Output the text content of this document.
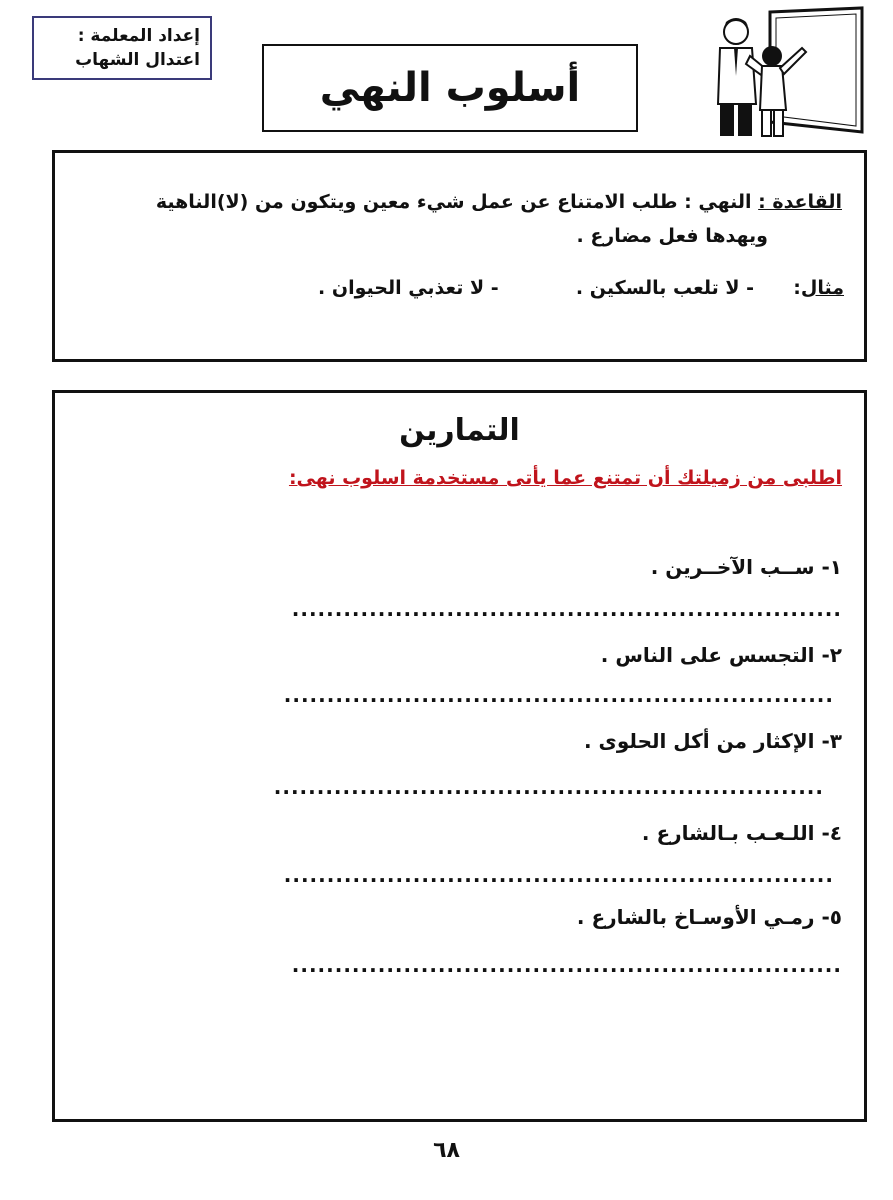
إعداد المعلمة :
اعتدال الشهاب
أسلوب النهي
القاعدة : النهي : طلب الامتناع عن عمل شيء معين ويتكون من (لا)الناهية
ويهدها فعل مضارع .
مثال:  - لا تلعب بالسكين .  - لا تعذبي الحيوان .
التمارين
اطلبى من زميلتك أن تمتنع عما يأتى مستخدمة اسلوب نهى:
١- ســب الآخــرين .
................................................................
٢- التجسس على الناس .
................................................................
٣- الإكثار من أكل الحلوى .
................................................................
٤- اللـعـب بـالشارع .
................................................................
٥- رمـي الأوسـاخ بالشارع .
................................................................
٦٨
